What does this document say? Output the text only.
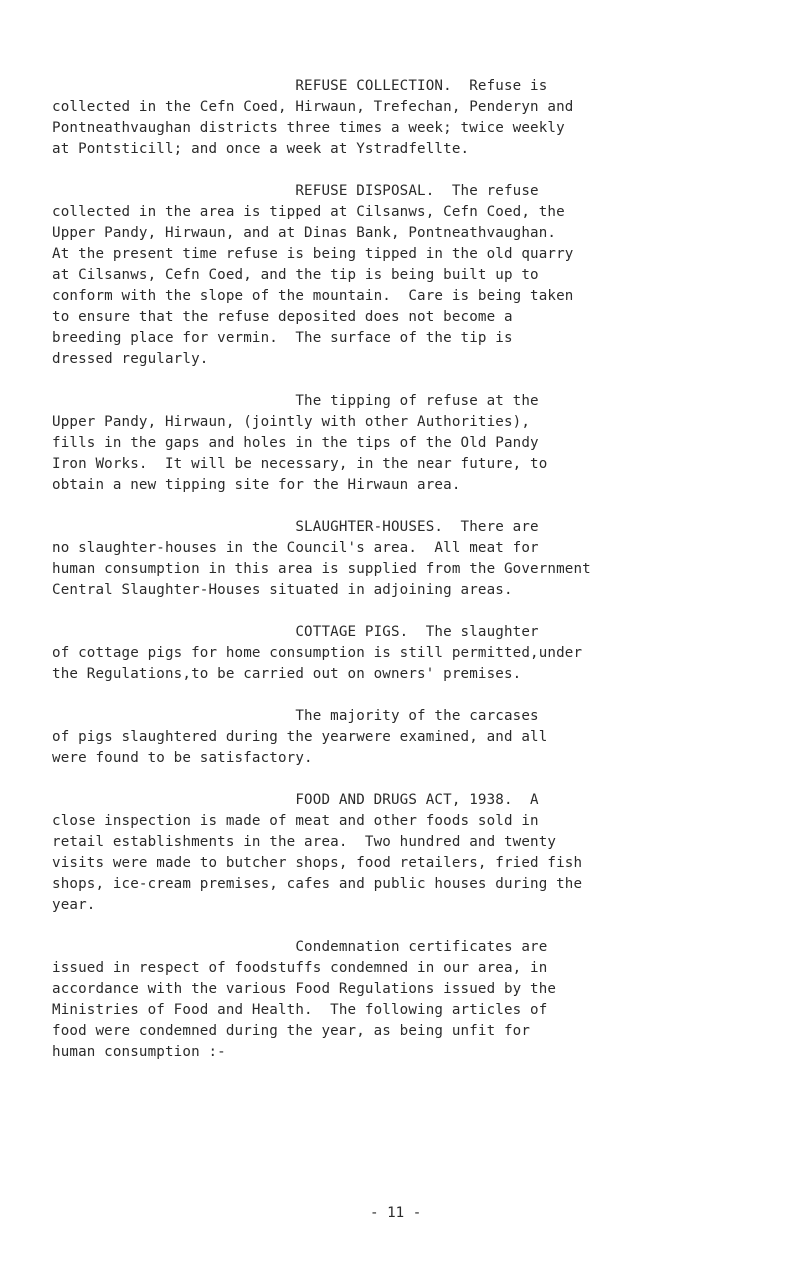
REFUSE COLLECTION.  Refuse is
collected in the Cefn Coed, Hirwaun, Trefechan, Penderyn and
Pontneathvaughan districts three times a week; twice weekly
at Pontsticill; and once a week at Ystradfellte.

REFUSE DISPOSAL.  The refuse
collected in the area is tipped at Cilsanws, Cefn Coed, the
Upper Pandy, Hirwaun, and at Dinas Bank, Pontneathvaughan.
At the present time refuse is being tipped in the old quarry
at Cilsanws, Cefn Coed, and the tip is being built up to
conform with the slope of the mountain.  Care is being taken
to ensure that the refuse deposited does not become a
breeding place for vermin.  The surface of the tip is
dressed regularly.

The tipping of refuse at the
Upper Pandy, Hirwaun, (jointly with other Authorities),
fills in the gaps and holes in the tips of the Old Pandy
Iron Works.  It will be necessary, in the near future, to
obtain a new tipping site for the Hirwaun area.

SLAUGHTER-HOUSES.  There are
no slaughter-houses in the Council's area.  All meat for
human consumption in this area is supplied from the Government
Central Slaughter-Houses situated in adjoining areas.

COTTAGE PIGS.  The slaughter
of cottage pigs for home consumption is still permitted,under
the Regulations,to be carried out on owners' premises.

The majority of the carcases
of pigs slaughtered during the yearwere examined, and all
were found to be satisfactory.

FOOD AND DRUGS ACT, 1938.  A
close inspection is made of meat and other foods sold in
retail establishments in the area.  Two hundred and twenty
visits were made to butcher shops, food retailers, fried fish
shops, ice-cream premises, cafes and public houses during the
year.

Condemnation certificates are
issued in respect of foodstuffs condemned in our area, in
accordance with the various Food Regulations issued by the
Ministries of Food and Health.  The following articles of
food were condemned during the year, as being unfit for
human consumption :-

- 11 -
